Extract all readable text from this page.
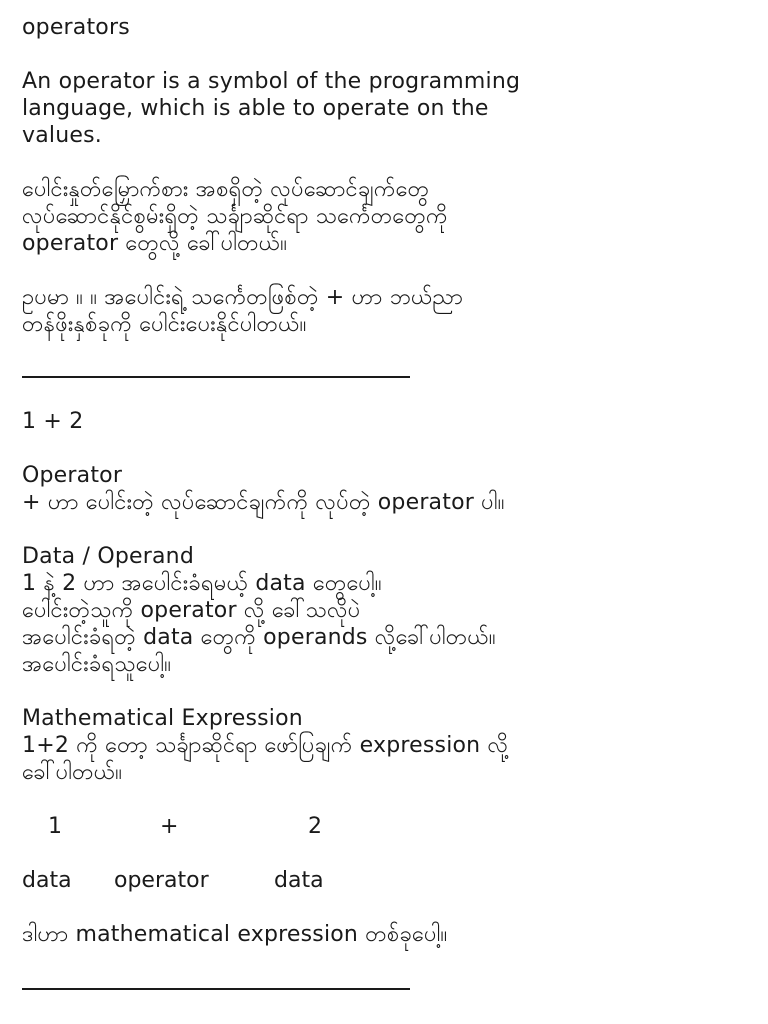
operators
An operator is a symbol of the programming
language, which is able to operate on the
values.
ပေါင်းနှုတ်မြှောက်စား အစရှိတဲ့ လုပ်ဆောင်ချက်တွေ
လုပ်ဆောင်နိုင်စွမ်းရှိတဲ့ သင်္ချာဆိုင်ရာ သင်္ကေတတွေကို
operator တွေလို့ ခေါ်ပါတယ်။
ဥပမာ ။ ။ အပေါင်းရဲ့ သင်္ကေတဖြစ်တဲ့ + ဟာ ဘယ်ညာ
တန်ဖိုးနှစ်ခုကို ပေါင်းပေးနိုင်ပါတယ်။
1 + 2
Operator
+ ဟာ ပေါင်းတဲ့ လုပ်ဆောင်ချက်ကို လုပ်တဲ့ operator ပါ။
Data / Operand
1 နဲ့ 2 ဟာ အပေါင်းခံရမယ့် data တွေပေါ့။
ပေါင်းတဲ့သူကို operator လို့ ခေါ်သလိုပဲ
အပေါင်းခံရတဲ့ data တွေကို operands လို့ခေါ်ပါတယ်။
အပေါင်းခံရသူပေါ့။
Mathematical Expression
1+2 ကို တော့ သင်္ချာဆိုင်ရာ ဖော်ပြချက် expression လို့
ခေါ်ပါတယ်။
1	+	2
data	operator	data
ဒါဟာ mathematical expression တစ်ခုပေါ့။
